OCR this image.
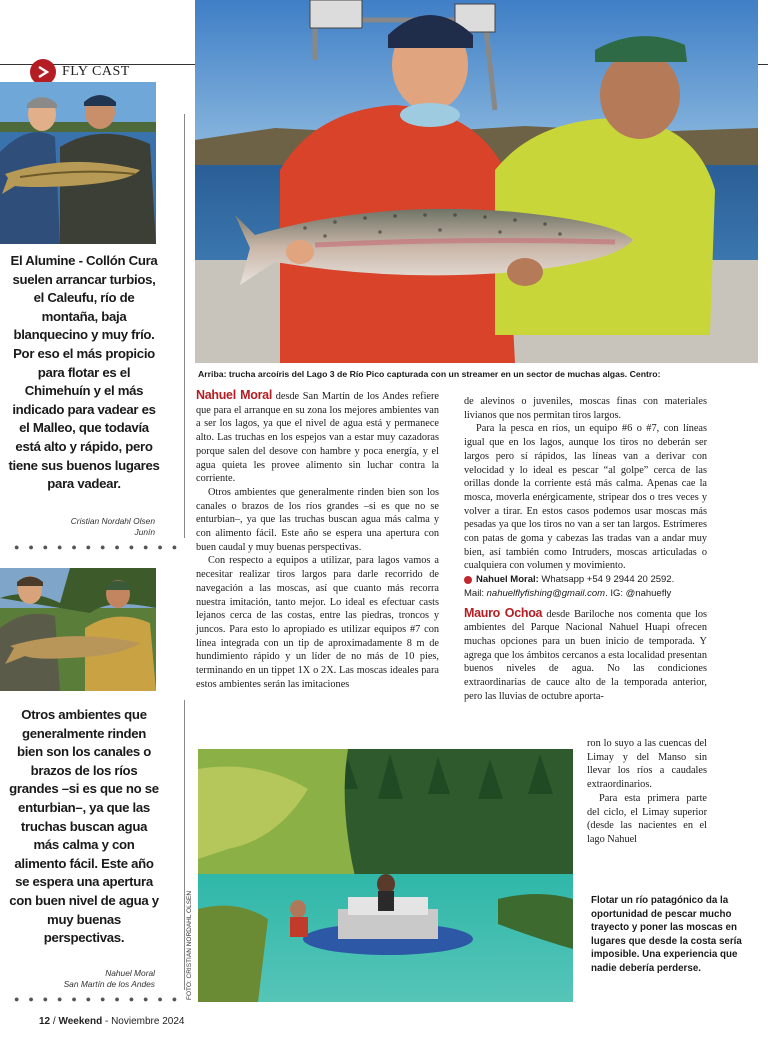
FLY CAST
El Alumine - Collón Cura suelen arrancar turbios, el Caleufu, río de montaña, baja blanquecino y muy frío. Por eso el más propicio para flotar es el Chimehuín y el más indicado para vadear es el Malleo, que todavía está alto y rápido, pero tiene sus buenos lugares para vadear.
Cristian Nordahl Olsen
Junín
● ● ● ● ● ● ● ● ● ● ● ●
Otros ambientes que generalmente rinden bien son los canales o brazos de los ríos grandes –si es que no se enturbian–, ya que las truchas buscan agua más calma y con alimento fácil. Este año se espera una apertura con buen nivel de agua y muy buenas perspectivas.
Nahuel Moral
San Martín de los Andes
● ● ● ● ● ● ● ● ● ● ● ●
Arriba: trucha arcoíris del Lago 3 de Río Pico capturada con un streamer en un sector de muchas algas. Centro:

Nahuel Moral desde San Martín de los Andes refiere que para el arranque en su zona los mejores ambientes van a ser los lagos, ya que el nivel de agua está y permanece alto. Las truchas en los espejos van a estar muy cazadoras porque salen del desove con hambre y poca energía, y el agua quieta les provee alimento sin luchar contra la corriente.

Otros ambientes que generalmente rinden bien son los canales o brazos de los ríos grandes –si es que no se enturbian–, ya que las truchas buscan agua más calma y con alimento fácil. Este año se espera una apertura con buen caudal y muy buenas perspectivas.

Con respecto a equipos a utilizar, para lagos vamos a necesitar realizar tiros largos para darle recorrido de navegación a las moscas, así que cuanto más recorra nuestra imitación, tanto mejor. Lo ideal es efectuar casts lejanos cerca de las costas, entre las piedras, troncos y juncos. Para esto lo apropiado es utilizar equipos #7 con línea integrada con un tip de aproximadamente 8 m de hundimiento rápido y un líder de no más de 10 pies, terminando en un tippet 1X o 2X. Las moscas ideales para estos ambientes serán las imitaciones

de alevinos o juveniles, moscas finas con materiales livianos que nos permitan tiros largos.

Para la pesca en ríos, un equipo #6 o #7, con líneas igual que en los lagos, aunque los tiros no deberán ser largos pero sí rápidos, las líneas van a derivar con velocidad y lo ideal es pescar “al golpe” cerca de las orillas donde la corriente está más calma. Apenas cae la mosca, moverla enérgicamente, stripear dos o tres veces y volver a tirar. En estos casos podemos usar moscas más pesadas ya que los tiros no van a ser tan largos. Estrímeres con patas de goma y cabezas las tradas van a andar muy bien, así también como Intruders, moscas articuladas o cualquiera con volumen y movimiento.

Nahuel Moral: Whatsapp +54 9 2944 20 2592.
Mail: nahuelflyfishing@gmail.com. IG: @nahuefly

Mauro Ochoa desde Bariloche nos comenta que los ambientes del Parque Nacional Nahuel Huapi ofrecen muchas opciones para un buen inicio de temporada. Y agrega que los ámbitos cercanos a esta localidad presentan buenos niveles de agua. No las condiciones extraordinarias de cauce alto de la temporada anterior, pero las lluvias de octubre aporta-

ron lo suyo a las cuencas del Limay y del Manso sin llevar los ríos a caudales extraordinarios.

Para esta primera parte del ciclo, el Limay superior (desde las nacientes en el lago Nahuel

FOTO: CRISTIAN NORDAHL OLSEN	Flotar un río patagónico da la oportunidad de pescar mucho trayecto y poner las moscas en lugares que desde la costa sería imposible. Una experiencia que nadie debería perderse.
12 / Weekend - Noviembre 2024
